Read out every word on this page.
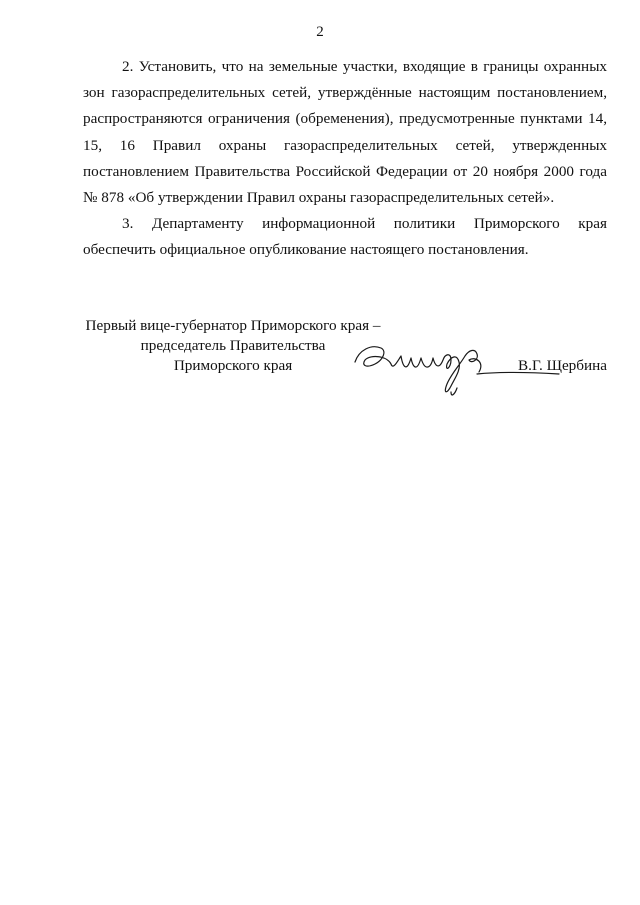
2

2. Установить, что на земельные участки, входящие в границы охранных зон газораспределительных сетей, утверждённые настоящим постановлением, распространяются ограничения (обременения), предусмотренные пунктами 14, 15, 16 Правил охраны газораспределительных сетей, утвержденных постановлением Правительства Российской Федерации от 20 ноября 2000 года № 878 «Об утверждении Правил охраны газораспределительных сетей».

3. Департаменту информационной политики Приморского края обеспечить официальное опубликование настоящего постановления.

Первый вице-губернатор Приморского края –
председатель Правительства
Приморского края	В.Г. Щербина
